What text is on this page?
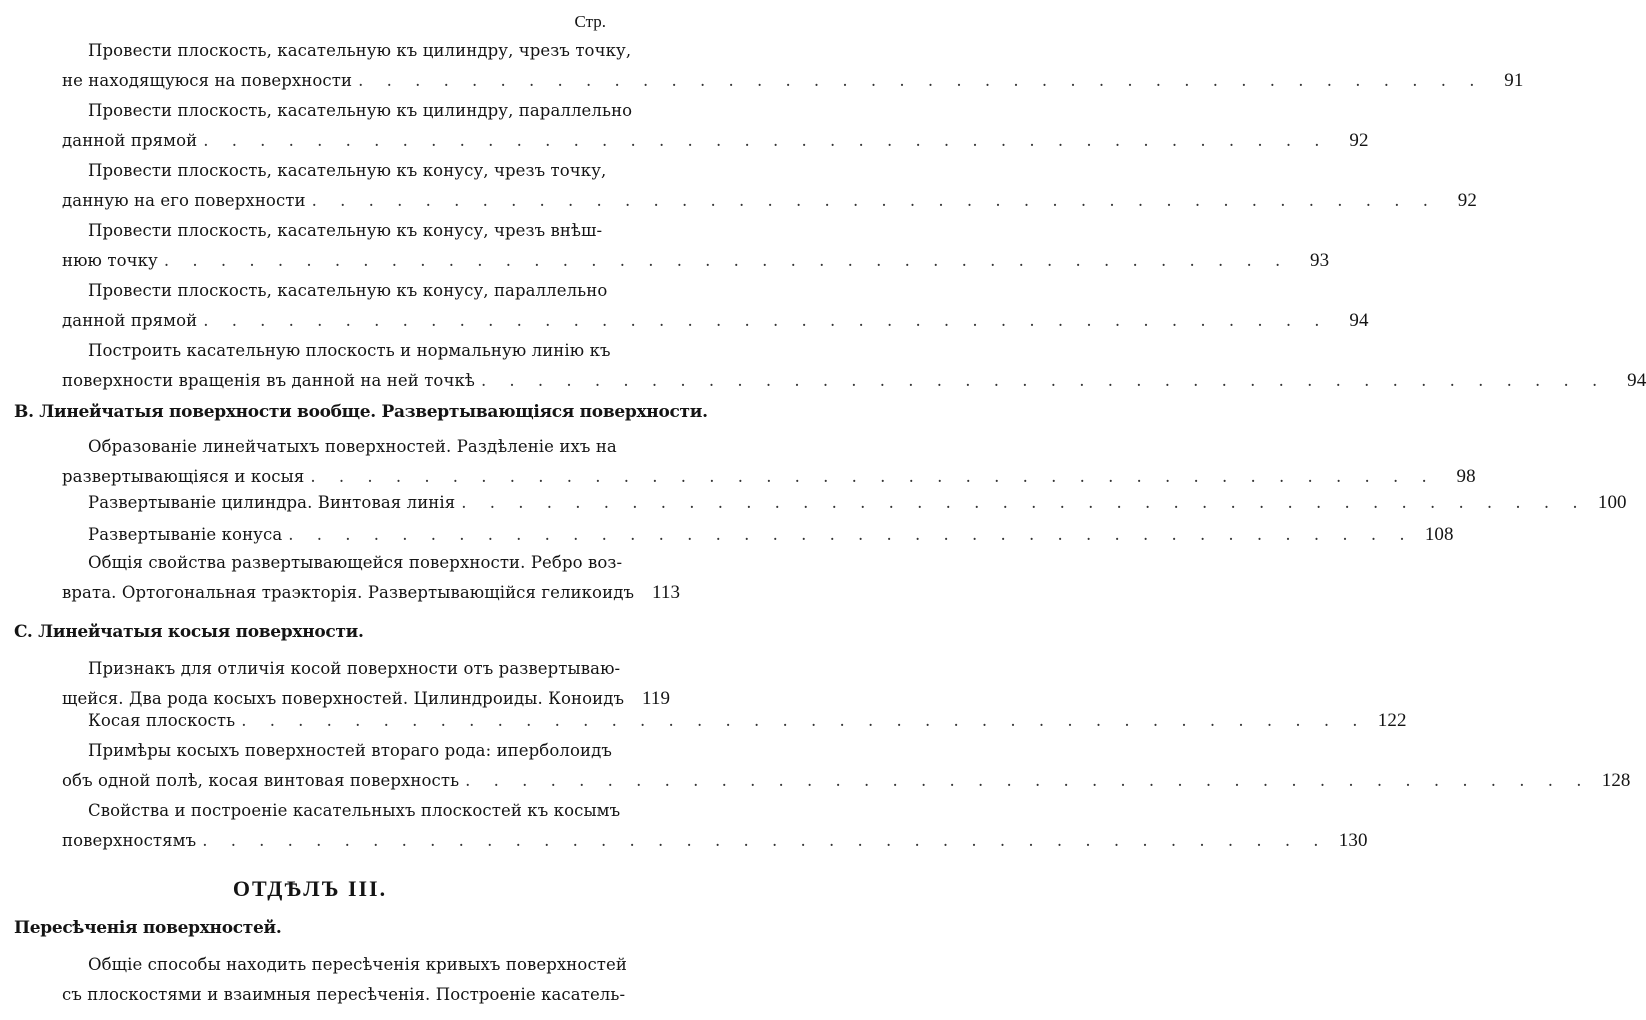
Стр.
Провести плоскость, касательную къ цилиндру, чрезъ точку,
не находящуюся на поверхности . . . . . . . . . . . . . . . . . . . . . . . . . . . . . . . . . . . . . . . .	91
Провести плоскость, касательную къ цилиндру, параллельно
данной прямой . . . . . . . . . . . . . . . . . . . . . . . . . . . . . . . . . . . . . . . .	92
Провести плоскость, касательную къ конусу, чрезъ точку,
данную на его поверхности . . . . . . . . . . . . . . . . . . . . . . . . . . . . . . . . . . . . . . . .	92
Провести плоскость, касательную къ конусу, чрезъ внѣш-
нюю точку . . . . . . . . . . . . . . . . . . . . . . . . . . . . . . . . . . . . . . . .	93
Провести плоскость, касательную къ конусу, параллельно
данной прямой . . . . . . . . . . . . . . . . . . . . . . . . . . . . . . . . . . . . . . . .	94
Построить касательную плоскость и нормальную линію къ
поверхности вращенія въ данной на ней точкѣ . . . . . . . . . . . . . . . . . . . . . . . . . . . . . . . . . . . . . . . .	94
B. Линейчатыя поверхности вообще. Развертывающіяся поверхности.
Образованіе линейчатыхъ поверхностей. Раздѣленіе ихъ на
развертывающіяся и косыя . . . . . . . . . . . . . . . . . . . . . . . . . . . . . . . . . . . . . . . .	98
Развертываніе цилиндра. Винтовая линія . . . . . . . . . . . . . . . . . . . . . . . . . . . . . . . . . . . . . . . . 100
Развертываніе конуса . . . . . . . . . . . . . . . . . . . . . . . . . . . . . . . . . . . . . . . . 108
Общія свойства развертывающейся поверхности. Ребро воз-
врата. Ортогональная траэкторія. Развертывающійся геликоидъ 113
C. Линейчатыя косыя поверхности.
Признакъ для отличія косой поверхности отъ развертываю-
щейся. Два рода косыхъ поверхностей. Цилиндроиды. Коноидъ 119
Косая плоскость . . . . . . . . . . . . . . . . . . . . . . . . . . . . . . . . . . . . . . . . 122
Примѣры косыхъ поверхностей втораго рода: иперболоидъ
объ одной полѣ, косая винтовая поверхность . . . . . . . . . . . . . . . . . . . . . . . . . . . . . . . . . . . . . . . . 128
Свойства и построеніе касательныхъ плоскостей къ косымъ
поверхностямъ . . . . . . . . . . . . . . . . . . . . . . . . . . . . . . . . . . . . . . . . 130
ОТДѢЛЪ III.
Пересѣченія поверхностей.
Общіе способы находить пересѣченія кривыхъ поверхностей
съ плоскостями и взаимныя пересѣченія. Построеніе касатель-
